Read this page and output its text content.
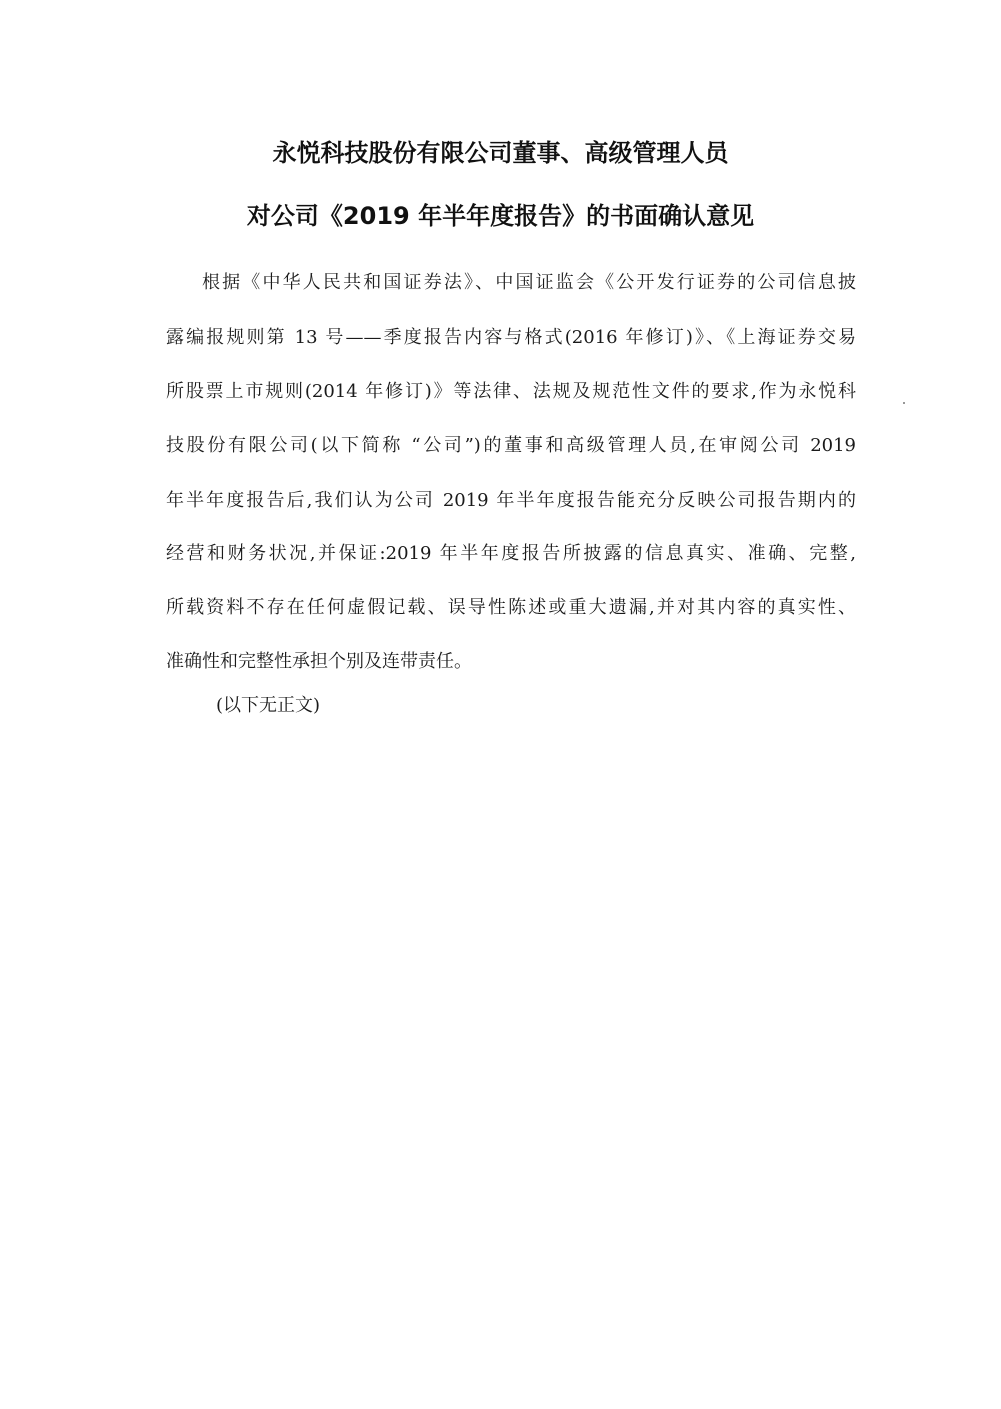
永悦科技股份有限公司董事、高级管理人员
对公司《2019 年半年度报告》的书面确认意见
根据《中华人民共和国证券法》、中国证监会《公开发行证券的公司信息披
露编报规则第 13 号——季度报告内容与格式(2016 年修订)》、《上海证券交易
所股票上市规则(2014 年修订)》等法律、法规及规范性文件的要求,作为永悦科
技股份有限公司(以下简称 “公司”)的董事和高级管理人员,在审阅公司 2019
年半年度报告后,我们认为公司 2019 年半年度报告能充分反映公司报告期内的
经营和财务状况,并保证:2019 年半年度报告所披露的信息真实、准确、完整,
所载资料不存在任何虚假记载、误导性陈述或重大遗漏,并对其内容的真实性、
准确性和完整性承担个别及连带责任。
(以下无正文)
